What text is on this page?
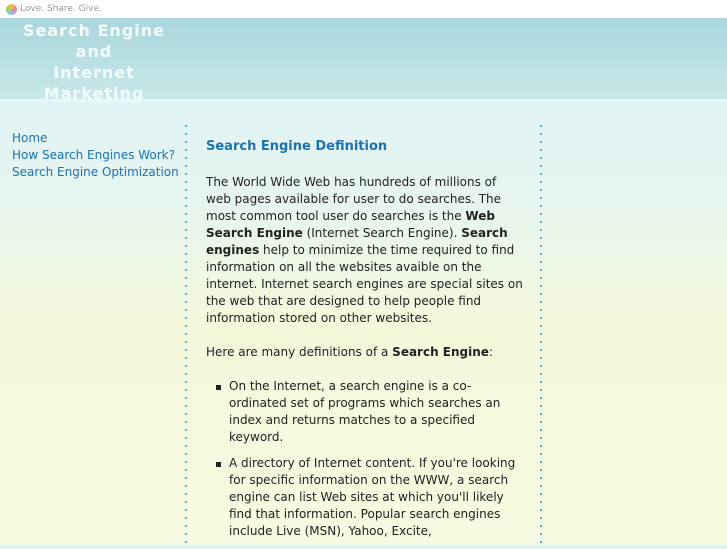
Love. Share. Give.
Search Engine
and
Internet
Marketing
Home
How Search Engines Work?
Search Engine Optimization
Search Engine Definition

The World Wide Web has hundreds of millions of web pages available for user to do searches. The most common tool user do searches is the Web Search Engine (Internet Search Engine). Search engines help to minimize the time required to find information on all the websites avaible on the internet. Internet search engines are special sites on the web that are designed to help people find information stored on other websites.

Here are many definitions of a Search Engine:

On the Internet, a search engine is a co-ordinated set of programs which searches an index and returns matches to a specified keyword.
A directory of Internet content. If you're looking for specific information on the WWW, a search engine can list Web sites at which you'll likely find that information. Popular search engines include Live (MSN), Yahoo, Excite,
